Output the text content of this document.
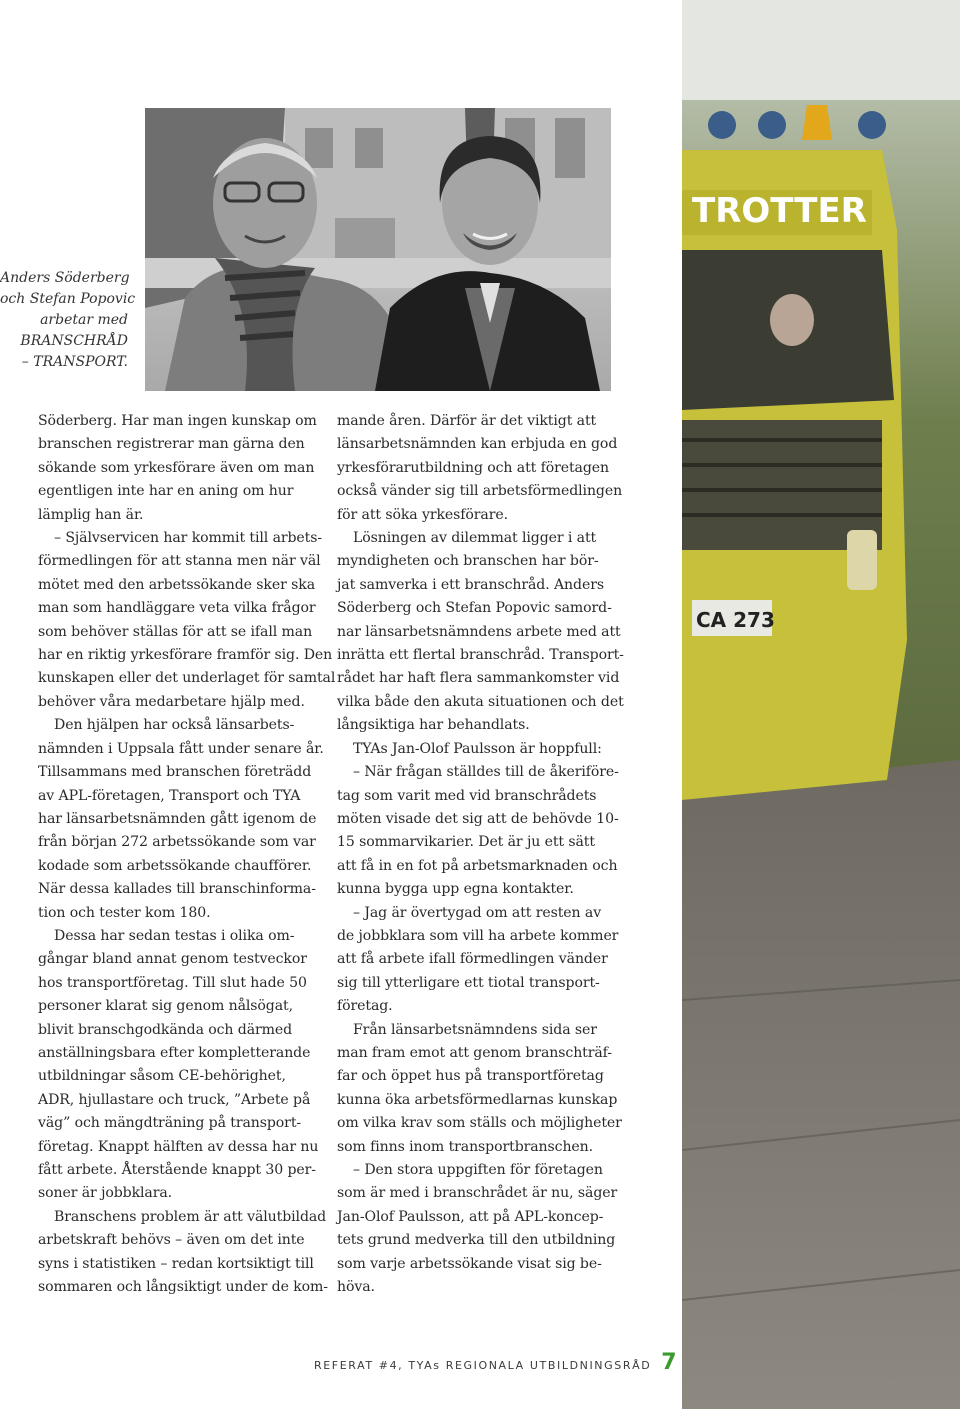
Anders Söderberg
och Stefan Popovic
arbetar med
BRANSCHRÅD
– TRANSPORT.
TROTTER
CA 273

Söderberg. Har man ingen kunskap om

branschen registrerar man gärna den

sökande som yrkesförare även om man

egentligen inte har en aning om hur

lämplig han är.

– Självservicen har kommit till arbets-

förmedlingen för att stanna men när väl

mötet med den arbetssökande sker ska

man som handläggare veta vilka frågor

som behöver ställas för att se ifall man

har en riktig yrkesförare framför sig. Den

kunskapen eller det underlaget för samtal

behöver våra medarbetare hjälp med.

Den hjälpen har också länsarbets-

nämnden i Uppsala fått under senare år.

Tillsammans med branschen företrädd

av APL-företagen, Transport och TYA

har länsarbetsnämnden gått igenom de

från början 272 arbetssökande som var

kodade som arbetssökande chaufförer.

När dessa kallades till branschinforma-

tion och tester kom 180.

Dessa har sedan testas i olika om-

gångar bland annat genom testveckor

hos transportföretag. Till slut hade 50

personer klarat sig genom nålsögat,

blivit branschgodkända och därmed

anställningsbara efter kompletterande

utbildningar såsom CE-behörighet,

ADR, hjullastare och truck, ”Arbete på

väg” och mängdträning på transport-

företag. Knappt hälften av dessa har nu

fått arbete. Återstående knappt 30 per-

soner är jobbklara.

Branschens problem är att välutbildad

arbetskraft behövs – även om det inte

syns i statistiken – redan kortsiktigt till

sommaren och långsiktigt under de kom-

mande åren. Därför är det viktigt att

länsarbetsnämnden kan erbjuda en god

yrkesförarutbildning och att företagen

också vänder sig till arbetsförmedlingen

för att söka yrkesförare.

Lösningen av dilemmat ligger i att

myndigheten och branschen har bör-

jat samverka i ett branschråd. Anders

Söderberg och Stefan Popovic samord-

nar länsarbetsnämndens arbete med att

inrätta ett flertal branschråd. Transport-

rådet har haft flera sammankomster vid

vilka både den akuta situationen och det

långsiktiga har behandlats.

TYAs Jan-Olof Paulsson är hoppfull:

– När frågan ställdes till de åkeriföre-

tag som varit med vid branschrådets

möten visade det sig att de behövde 10-

15 sommarvikarier. Det är ju ett sätt

att få in en fot på arbetsmarknaden och

kunna bygga upp egna kontakter.

– Jag är övertygad om att resten av

de jobbklara som vill ha arbete kommer

att få arbete ifall förmedlingen vänder

sig till ytterligare ett tiotal transport-

företag.

Från länsarbetsnämndens sida ser

man fram emot att genom branschträf-

far och öppet hus på transportföretag

kunna öka arbetsförmedlarnas kunskap

om vilka krav som ställs och möjligheter

som finns inom transportbranschen.

– Den stora uppgiften för företagen

som är med i branschrådet är nu, säger

Jan-Olof Paulsson, att på APL-koncep-

tets grund medverka till den utbildning

som varje arbetssökande visat sig be-

höva.

REFERAT #4, TYAs REGIONALA UTBILDNINGSRÅD 7
